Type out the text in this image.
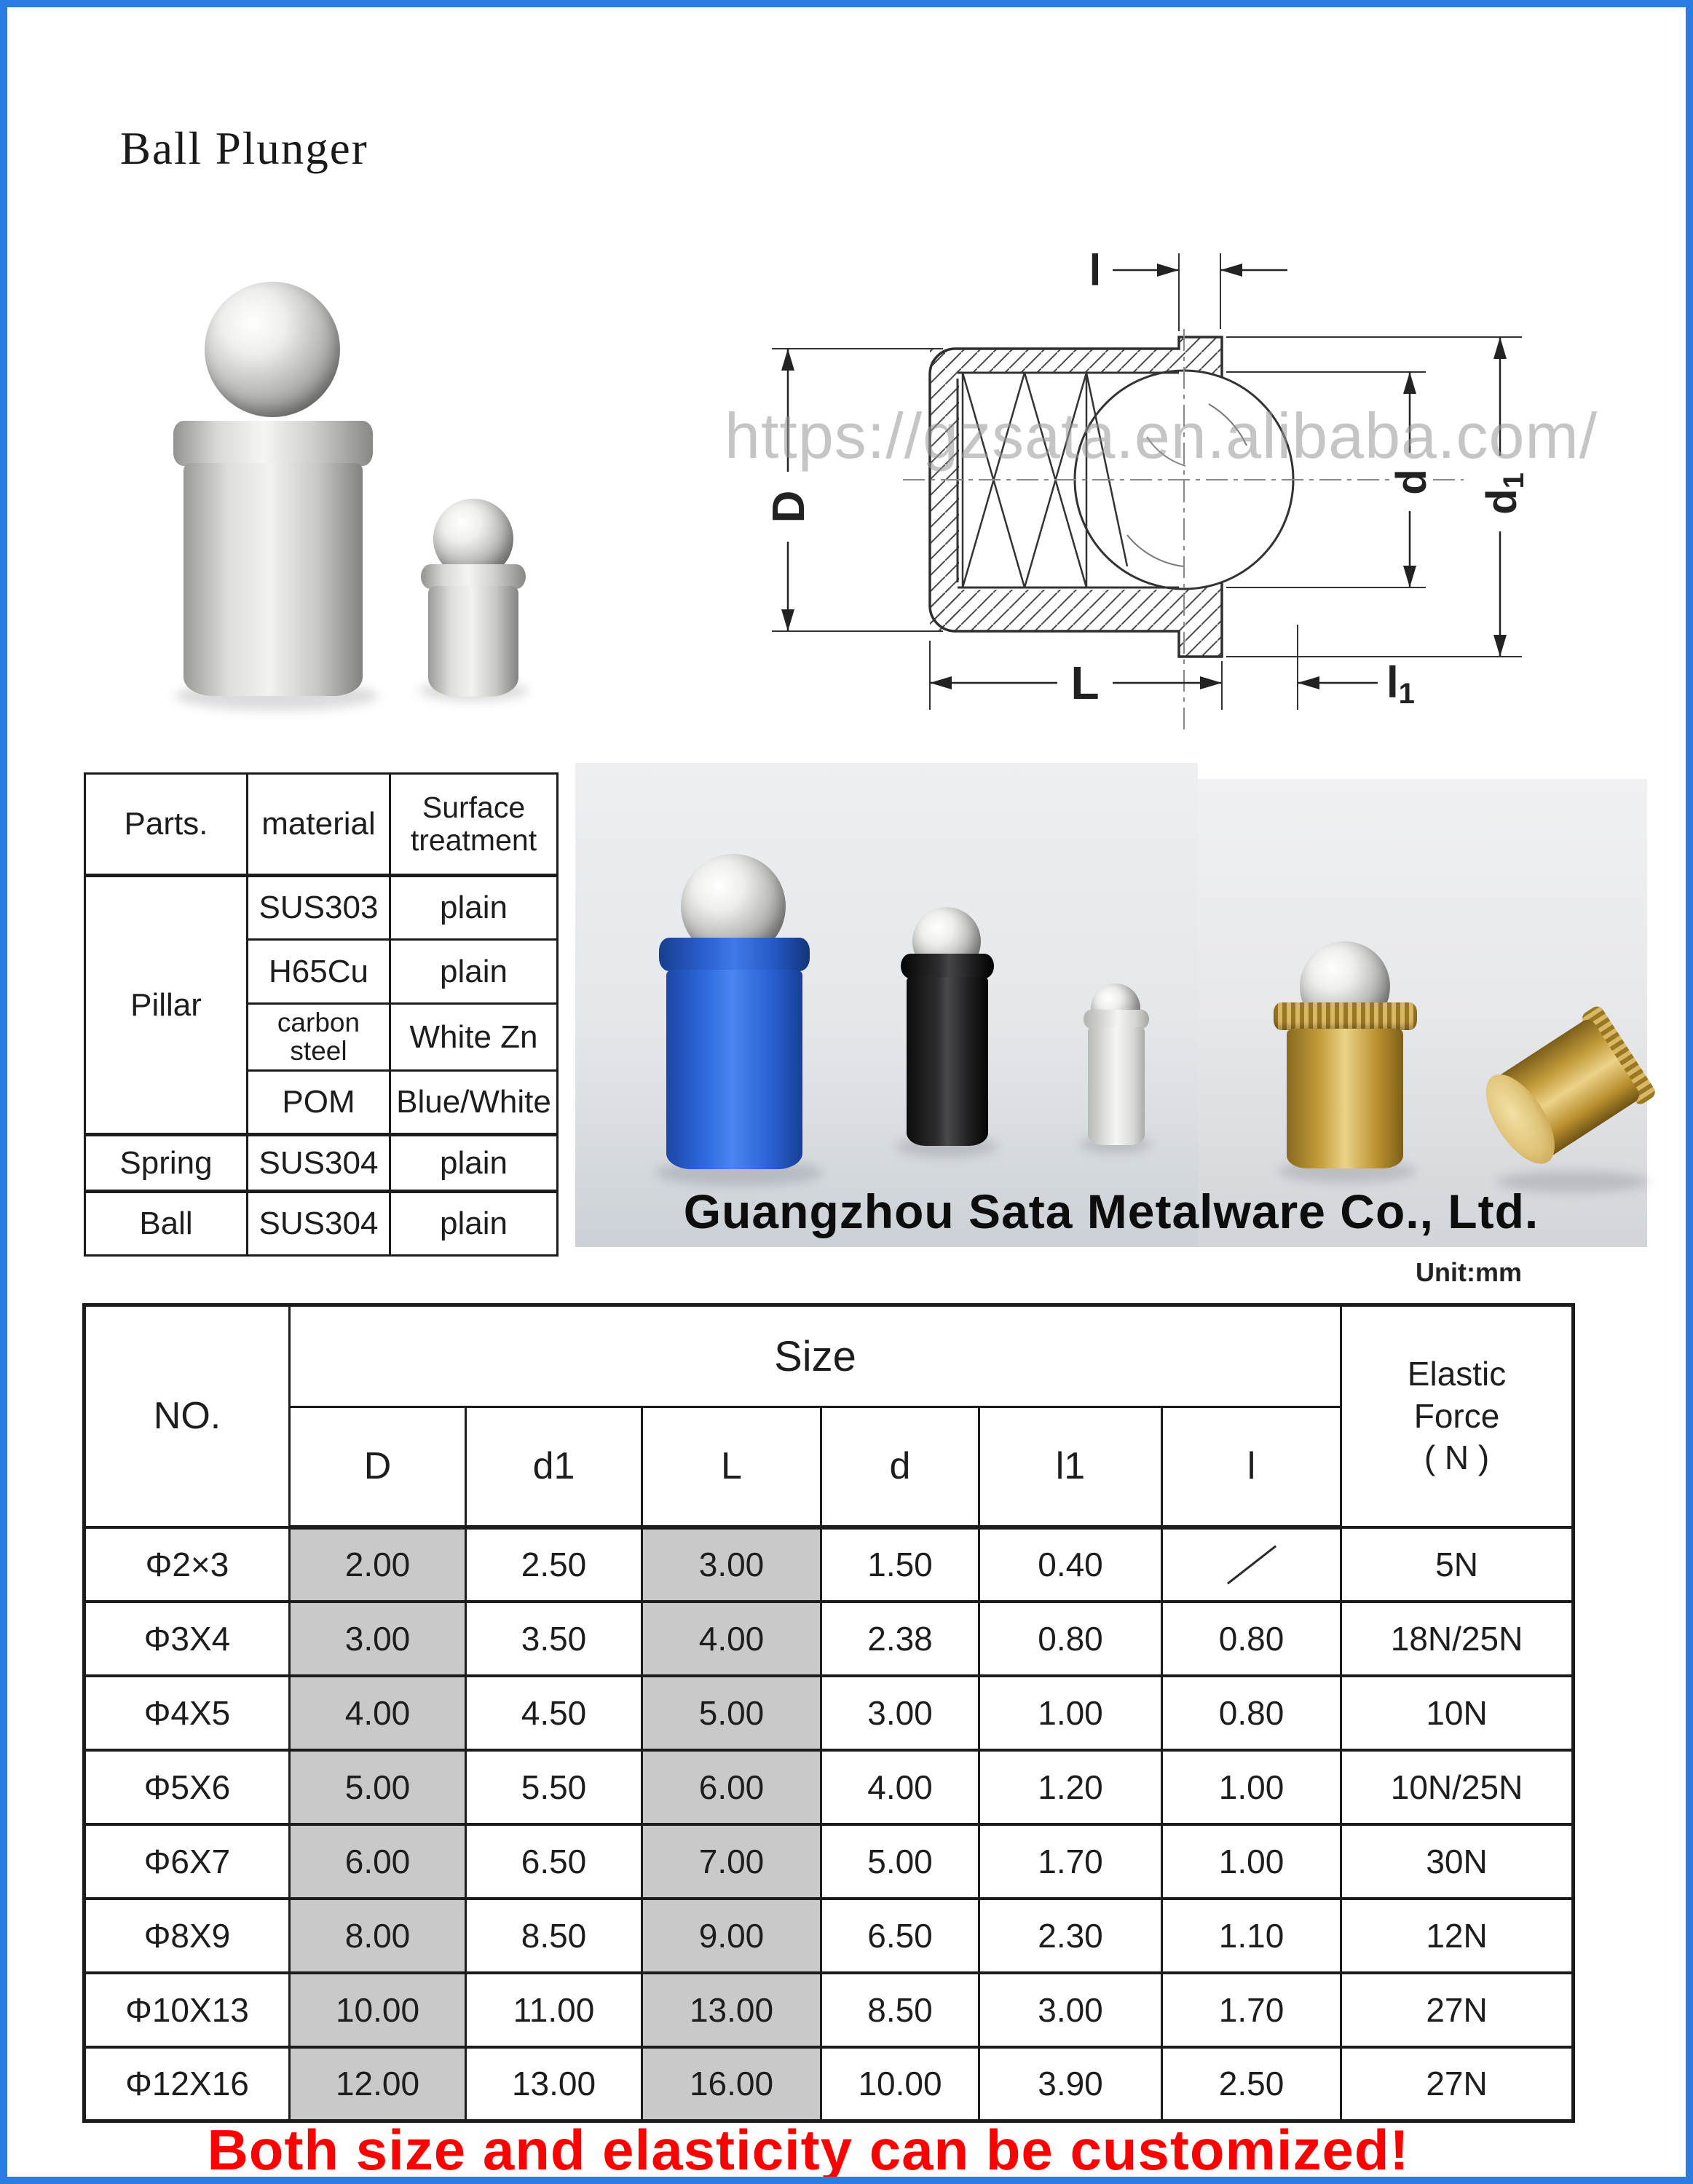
Ball Plunger
D
d
d1
l
L	l1
https://gzsata.en.alibaba.com/
Parts.	material	Surface treatment
Pillar	SUS303	plain
	H65Cu	plain
	carbon steel	White Zn
	POM	Blue/White
Spring	SUS304	plain
Ball	SUS304	plain	Guangzhou Sata Metalware Co., Ltd.
Unit:mm
NO.	Size						Elastic
Force
( N )

	D	d1	L	d	l1	l	
Φ2×3	2.00	2.50	3.00	1.50	0.40		5N
Φ3X4	3.00	3.50	4.00	2.38	0.80	0.80	18N/25N
Φ4X5	4.00	4.50	5.00	3.00	1.00	0.80	10N
Φ5X6	5.00	5.50	6.00	4.00	1.20	1.00	10N/25N
Φ6X7	6.00	6.50	7.00	5.00	1.70	1.00	30N
Φ8X9	8.00	8.50	9.00	6.50	2.30	1.10	12N
Φ10X13	10.00	11.00	13.00	8.50	3.00	1.70	27N
Φ12X16	12.00	13.00	16.00	10.00	3.90	2.50	27N
Both size and elasticity can be customized!
